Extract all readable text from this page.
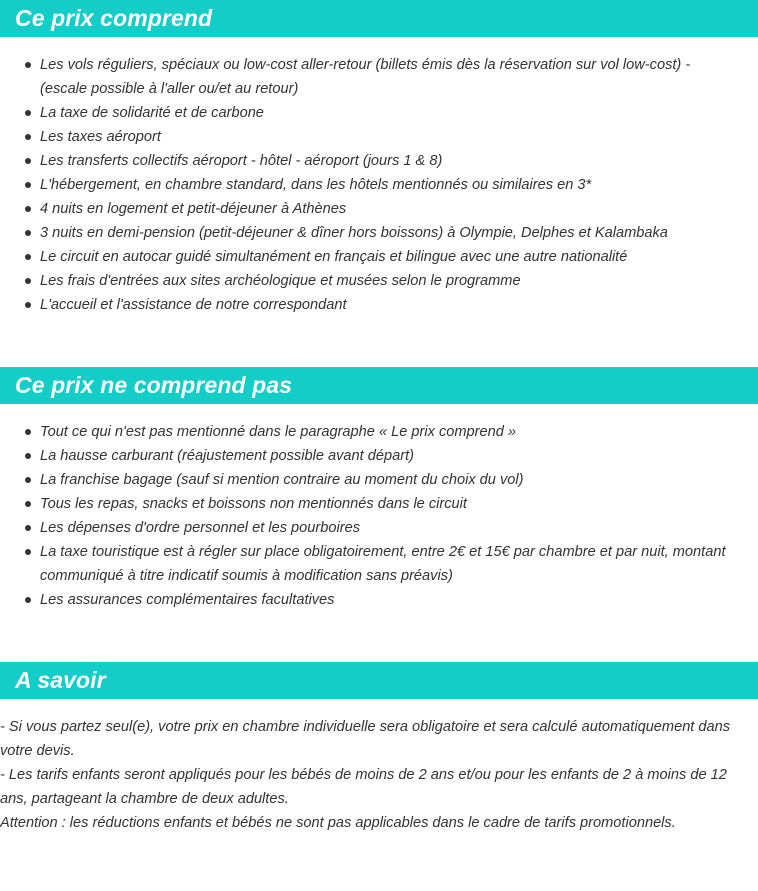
Ce prix comprend
Les vols réguliers, spéciaux ou low-cost aller-retour (billets émis dès la réservation sur vol low-cost) - (escale possible à l'aller ou/et au retour)
La taxe de solidarité et de carbone
Les taxes aéroport
Les transferts collectifs aéroport - hôtel - aéroport (jours 1 & 8)
L'hébergement, en chambre standard, dans les hôtels mentionnés ou similaires en 3*
4 nuits en logement et petit-déjeuner à Athènes
3 nuits en demi-pension (petit-déjeuner & dîner hors boissons) à Olympie, Delphes et Kalambaka
Le circuit en autocar guidé simultanément en français et bilingue avec une autre nationalité
Les frais d'entrées aux sites archéologique et musées selon le programme
L'accueil et l'assistance de notre correspondant
Ce prix ne comprend pas
Tout ce qui n'est pas mentionné dans le paragraphe « Le prix comprend »
La hausse carburant (réajustement possible avant départ)
La franchise bagage (sauf si mention contraire au moment du choix du vol)
Tous les repas, snacks et boissons non mentionnés dans le circuit
Les dépenses d'ordre personnel et les pourboires
La taxe touristique est à régler sur place obligatoirement, entre 2€ et 15€ par chambre et par nuit, montant communiqué à titre indicatif soumis à modification sans préavis)
Les assurances complémentaires facultatives
A savoir

- Si vous partez seul(e), votre prix en chambre individuelle sera obligatoire et sera calculé automatiquement dans votre devis.

- Les tarifs enfants seront appliqués pour les bébés de moins de 2 ans et/ou pour les enfants de 2 à moins de 12 ans, partageant la chambre de deux adultes.

Attention : les réductions enfants et bébés ne sont pas applicables dans le cadre de tarifs promotionnels.
